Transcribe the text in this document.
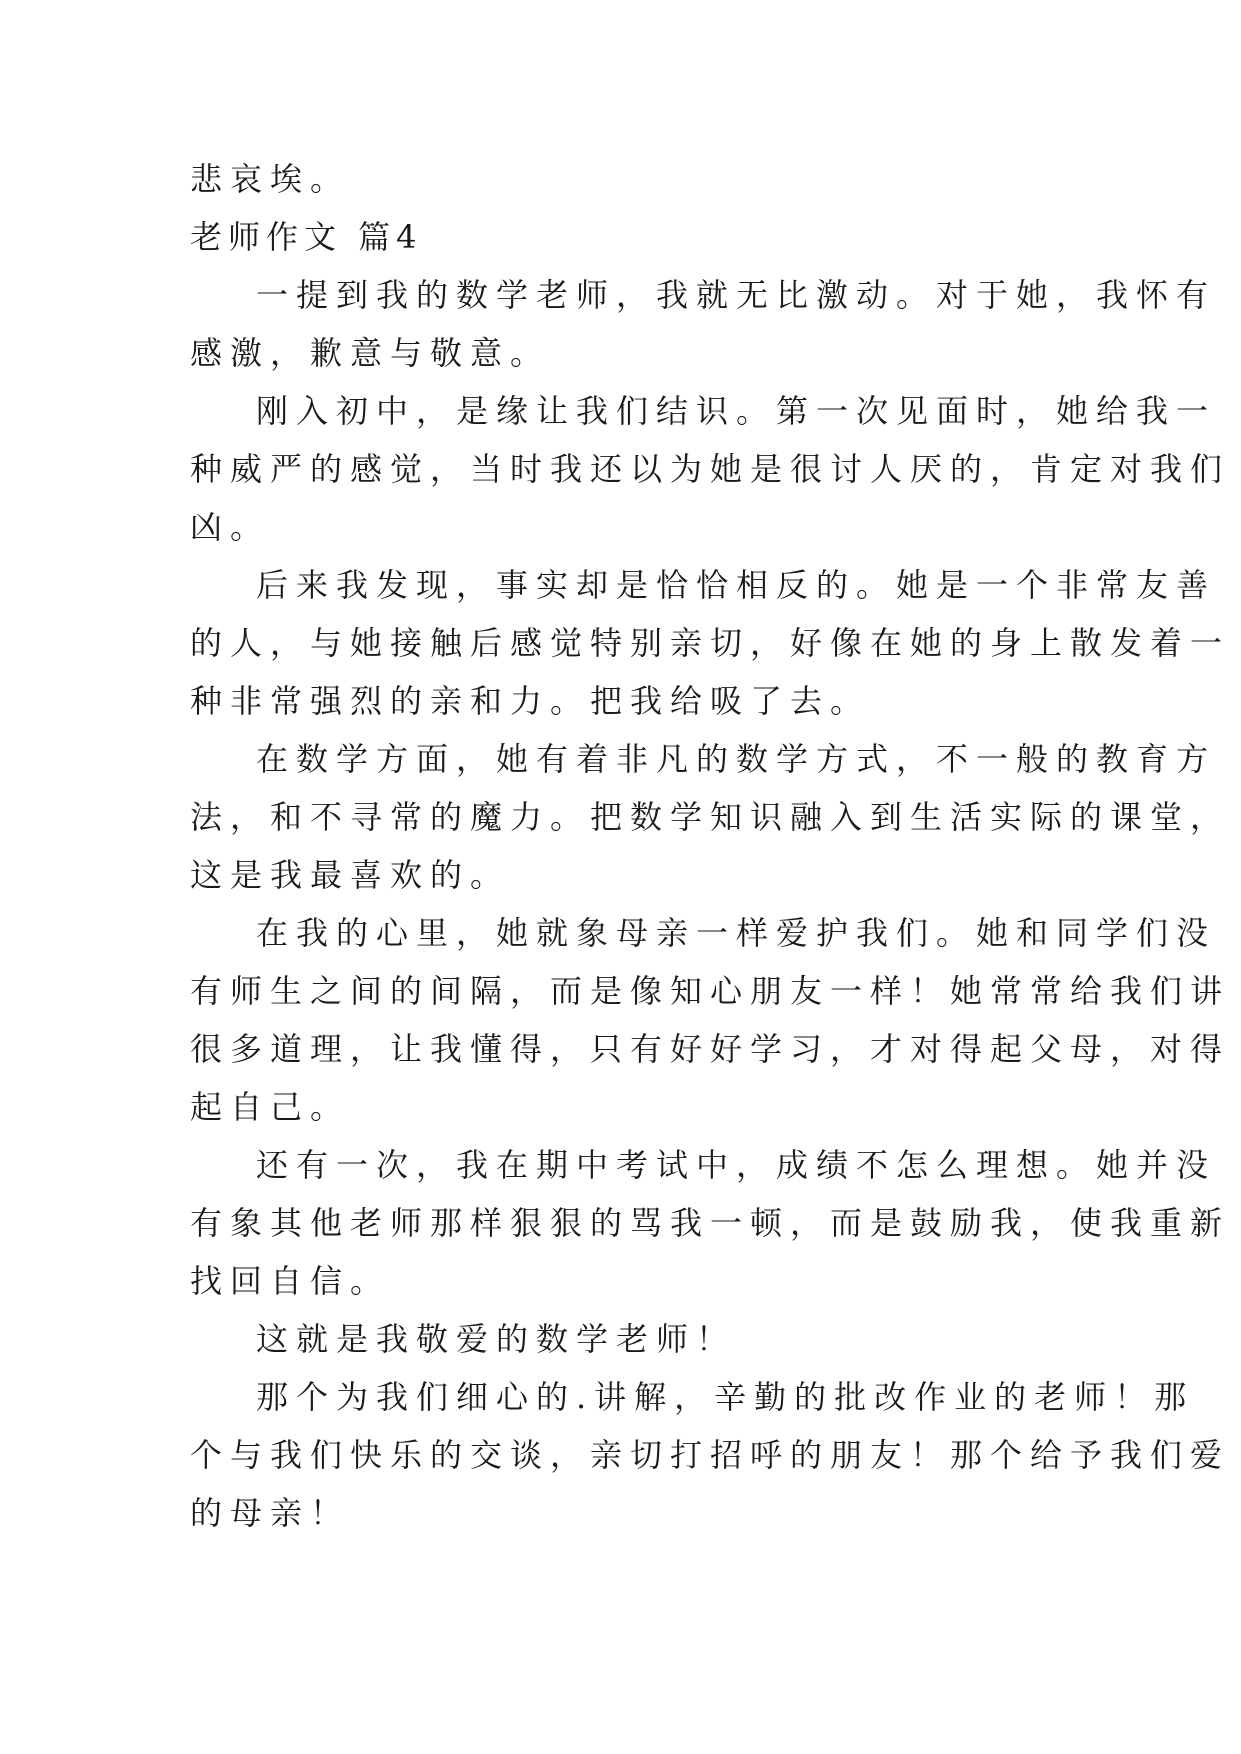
悲哀埃。

老师作文 篇4

一提到我的数学老师，我就无比激动。对于她，我怀有

感激，歉意与敬意。

刚入初中，是缘让我们结识。第一次见面时，她给我一

种威严的感觉，当时我还以为她是很讨人厌的，肯定对我们

凶。

后来我发现，事实却是恰恰相反的。她是一个非常友善

的人，与她接触后感觉特别亲切，好像在她的身上散发着一

种非常强烈的亲和力。把我给吸了去。

在数学方面，她有着非凡的数学方式，不一般的教育方

法，和不寻常的魔力。把数学知识融入到生活实际的课堂，

这是我最喜欢的。

在我的心里，她就象母亲一样爱护我们。她和同学们没

有师生之间的间隔，而是像知心朋友一样！她常常给我们讲

很多道理，让我懂得，只有好好学习，才对得起父母，对得

起自己。

还有一次，我在期中考试中，成绩不怎么理想。她并没

有象其他老师那样狠狠的骂我一顿，而是鼓励我，使我重新

找回自信。

这就是我敬爱的数学老师！

那个为我们细心的.讲解，辛勤的批改作业的老师！那

个与我们快乐的交谈，亲切打招呼的朋友！那个给予我们爱

的母亲！
